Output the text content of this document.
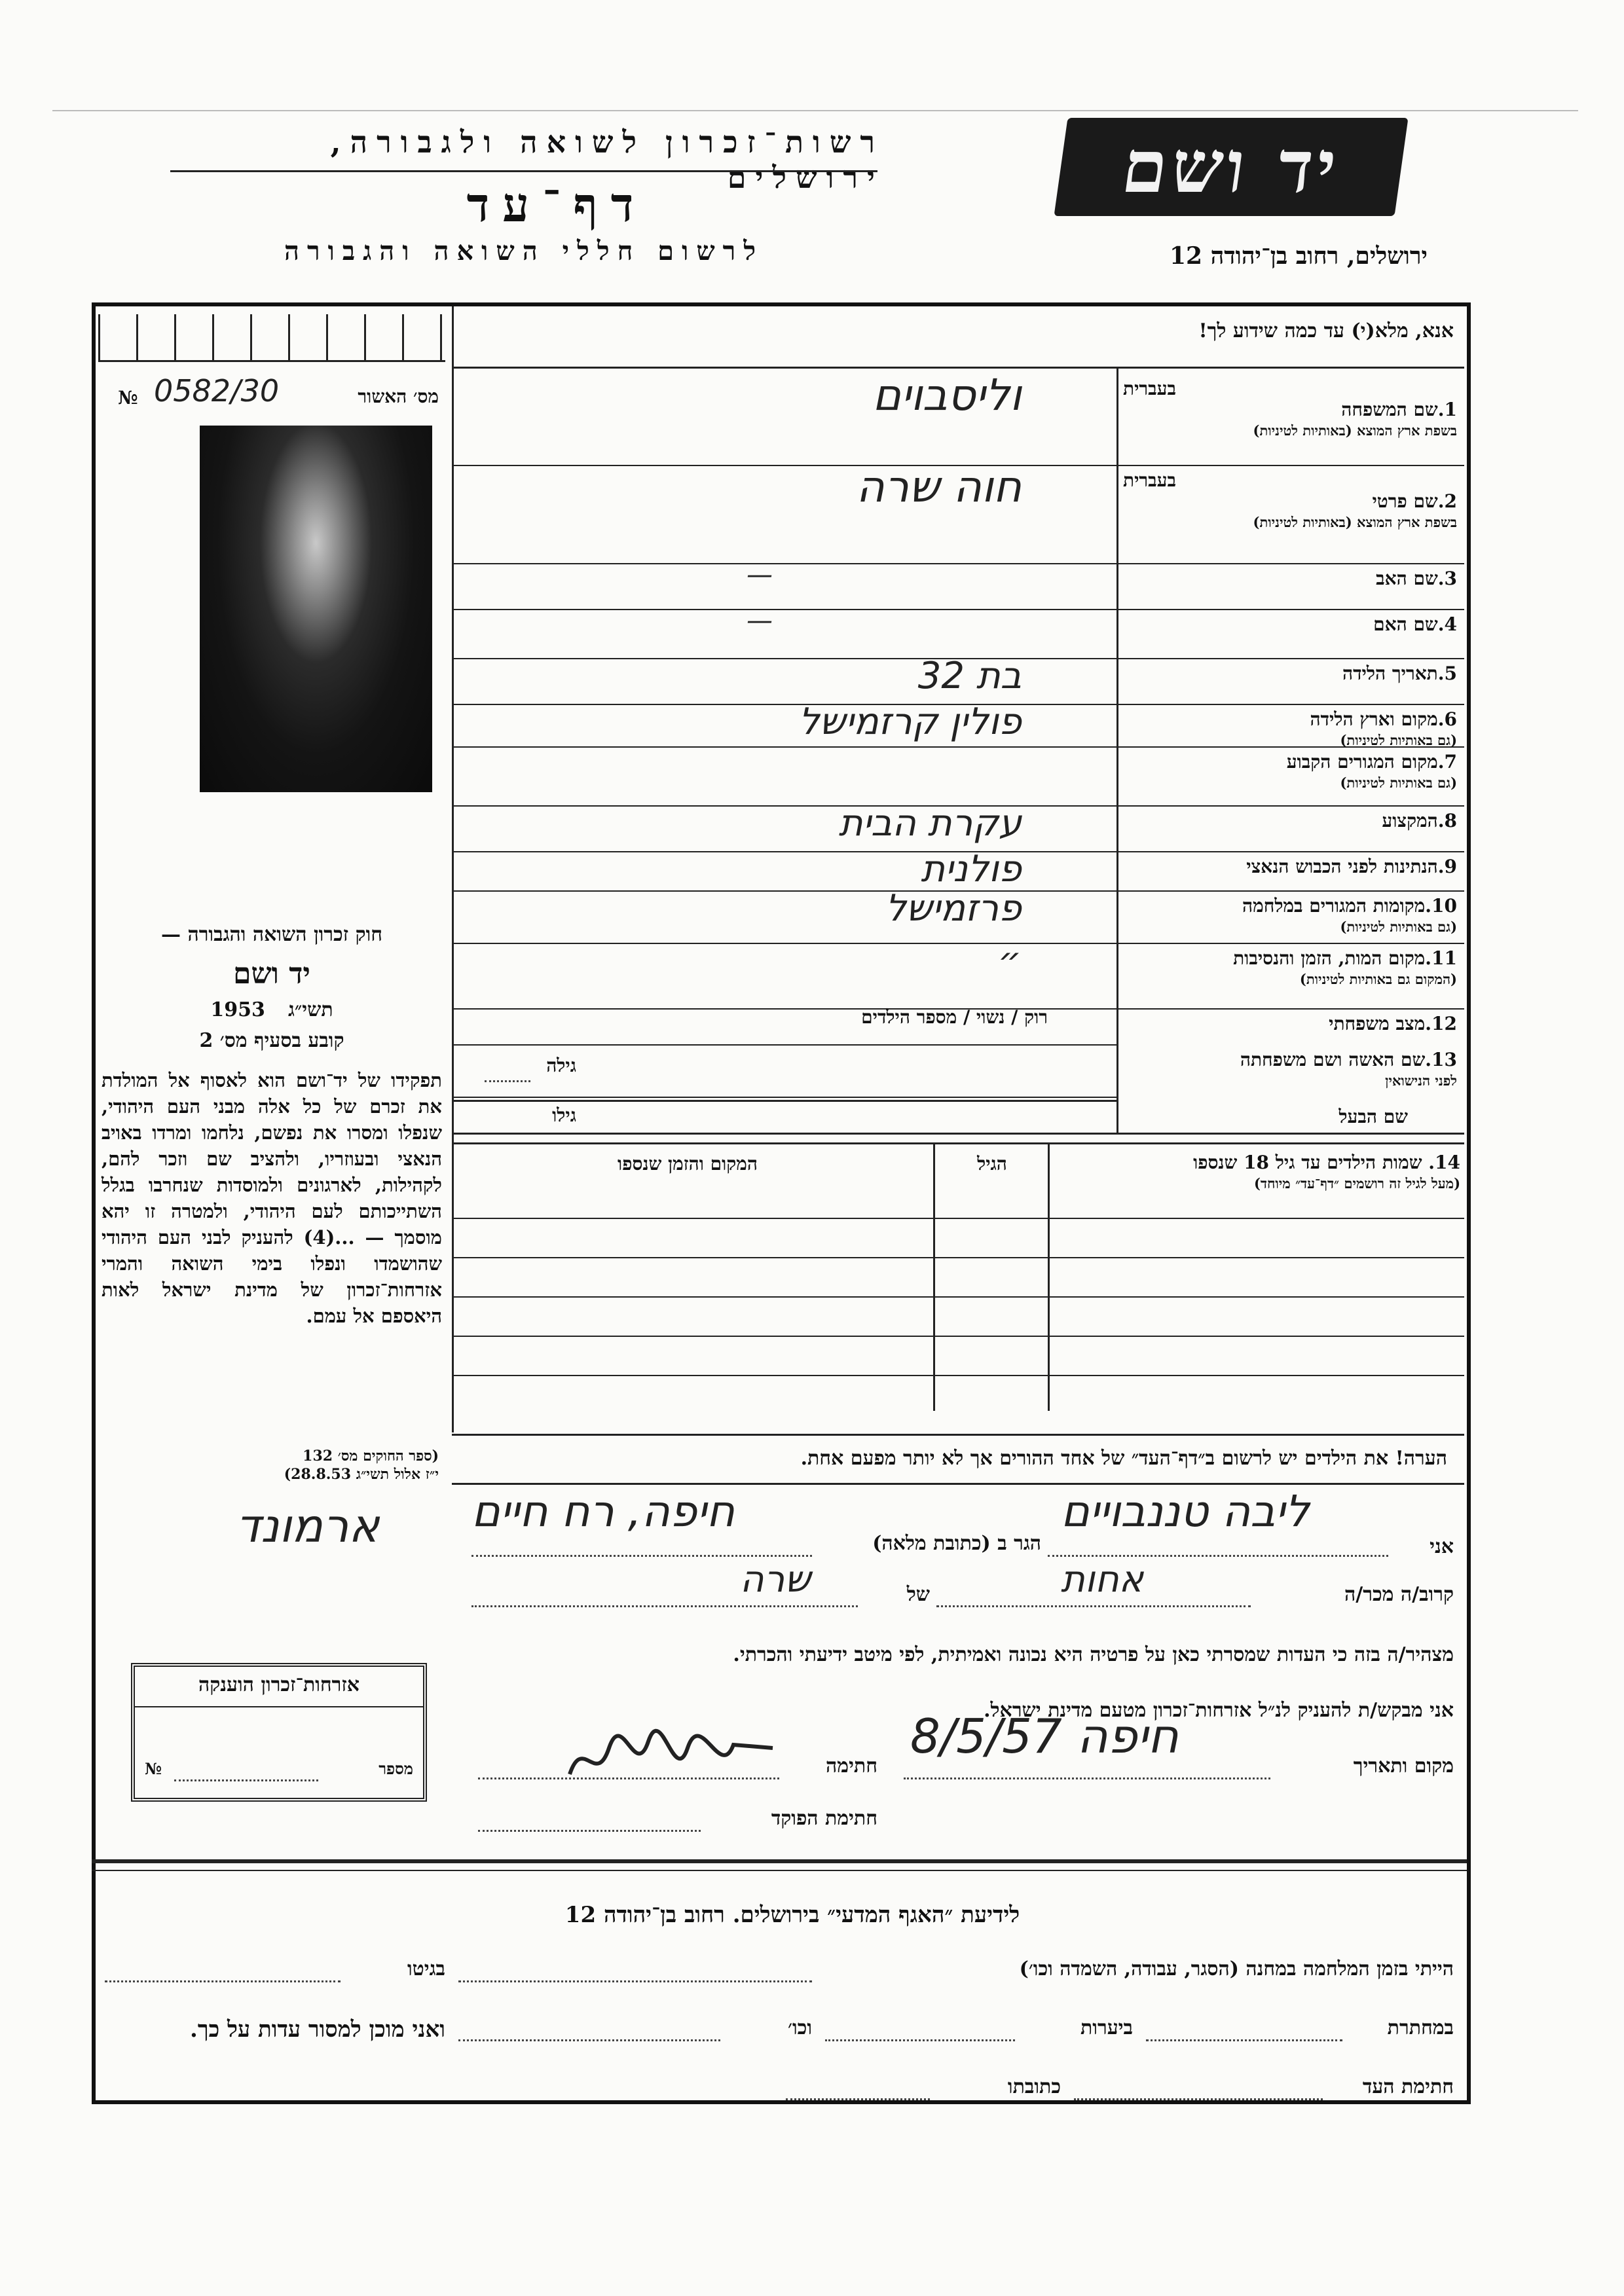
רשות־זכרון לשואה ולגבורה, ירושלים
דף־עד
לרשום חללי השואה והגבורה
יד ושם
ירושלים, רחוב בן־יהודה 12
מס׳ האשור
№ 0582/30
אנא, מלא(י) עד כמה שידוע לך!
בעברית
1.שם המשפחה
בשפת ארץ המוצא (באותיות לטיניות)
וליסבוים
בעברית
2.שם פרטי
בשפת ארץ המוצא (באותיות לטיניות)
חוה שרה
3.שם האב
—
4.שם האם
—
5.תאריך הלידה
בת 32
6.מקום וארץ הלידה
(גם באותיות לטיניות)
פולין קרזמישל
7.מקום המגורים הקבוע
(גם באותיות לטיניות)
8.המקצוע
עקרת הבית
9.הנתינות לפני הכבוש הנאצי
פולנית
10.מקומות המגורים במלחמה
(גם באותיות לטיניות)
פרזמישל
11.מקום המות, הזמן והנסיבות
(המקום גם באותיות לטיניות)
״
12.מצב משפחתי
13.שם האשה ושם משפחתה
לפני הנישואין
רוק / נשוי / מספר הילדים
גילה
שם הבעל
גילו
14. שמות הילדים עד גיל 18 שנספו
(מעל לגיל זה רושמים ״דף־עד״ מיוחד)
הגיל
המקום והזמן שנספו
הערה! את הילדים יש לרשום ב״דף־העד״ של אחד ההורים אך לא יותר מפעם אחת.
חוק זכרון השואה והגבורה —
יד ושם
1953 תשי״ג
קובע בסעיף מס׳ 2
תפקידו של יד־ושם הוא לאסוף אל המולדת את זכרם של כל אלה מבני העם היהודי, שנפלו ומסרו את נפשם, נלחמו ומרדו באויב הנאצי ובעוזריו, ולהציב שם וזכר להם, לקהילות, לארגונים ולמוסדות שנחרבו בגלל השתייכותם לעם היהודי, ולמטרה זו יהא מוסמך — ...(4) להעניק לבני העם היהודי שהושמדו ונפלו בימי השואה והמרי אזרחות־זכרון של מדינת ישראל לאות היאספם אל עמם.
(ספר החוקים מס׳ 132
י״ז אלול תשי״ג 28.8.53)
אזרחות־זכרון הוענקה
מספר
№
אני
ליבה טננבויים
הגר ב (כתובת מלאה)
חיפה, רח חיים
ארמונד
קרוב/ה מכר/ה
אחות
של
שרה
מצהיר/ה בזה כי העדות שמסרתי כאן על פרטיה היא נכונה ואמיתית, לפי מיטב ידיעתי והכרתי.
אני מבקש/ת להעניק לנ״ל אזרחות־זכרון מטעם מדינת ישראל.
מקום ותאריך
חיפה 8/5/57
חתימה
חתימת הפוקד
לידיעת ״האגף המדעי״ בירושלים. רחוב בן־יהודה 12
הייתי בזמן המלחמה במחנה (הסגר, עבודה, השמדה וכו׳)
בגיטו
במחתרת
ביערות
וכו׳
ואני מוכן למסור עדות על כך.
חתימת העד
כתובתו
